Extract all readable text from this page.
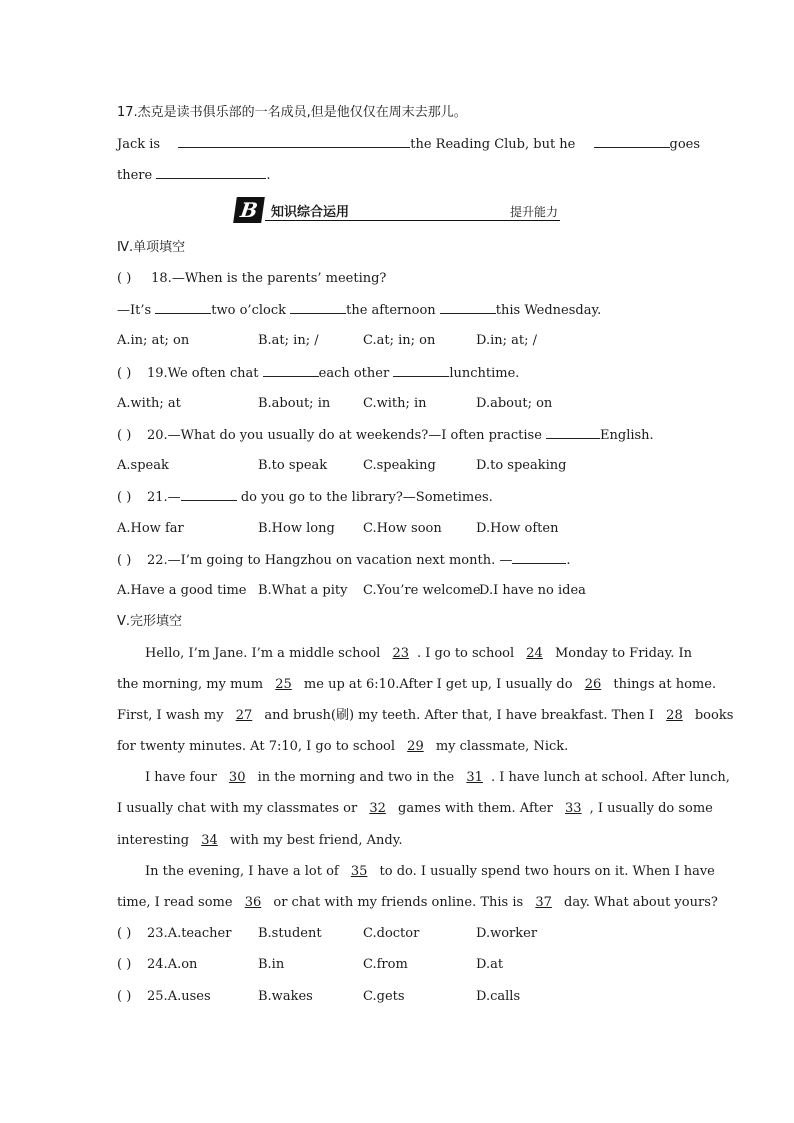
17.杰克是读书俱乐部的一名成员,但是他仅仅在周末去那儿。
Jack is	the Reading Club, but he	goes
there	.
B 知识综合运用	提升能力
Ⅳ.单项填空
( ) 18.—When is the parents’ meeting?
—It’s	two o’clock	the afternoon	this Wednesday.
A.in; at; on	B.at; in; /	C.at; in; on	D.in; at; /
( ) 19.We often chat	each other	lunchtime.
A.with; at	B.about; in	C.with; in	D.about; on
( ) 20.—What do you usually do at weekends?—I often practise	English.
A.speak	B.to speak	C.speaking	D.to speaking
( ) 21.—	do you go to the library?—Sometimes.
A.How far	B.How long C.How soon	D.How often
( ) 22.—I’m going to Hangzhou on vacation next month. —	.
A.Have a good time B.What a pity C.You’re welcome
D.I have no idea
Ⅴ.完形填空
Hello, I’m Jane. I’m a middle school 23 . I go to school 24 Monday to Friday. In
the morning, my mum 25 me up at 6:10.After I get up, I usually do 26 things at home.
First, I wash my 27 and brush(刷) my teeth. After that, I have breakfast. Then I 28 books
for twenty minutes. At 7:10, I go to school 29 my classmate, Nick.
I have four 30 in the morning and two in the 31 . I have lunch at school. After lunch,
I usually chat with my classmates or 32 games with them. After 33 , I usually do some
interesting 34 with my best friend, Andy.
In the evening, I have a lot of 35 to do. I usually spend two hours on it. When I have
time, I read some 36 or chat with my friends online. This is 37 day. What about yours?
( ) 23.A.teacher B.student	C.doctor	D.worker
( ) 24.A.on	B.in	C.from	D.at
( ) 25.A.uses	B.wakes	C.gets	D.calls
